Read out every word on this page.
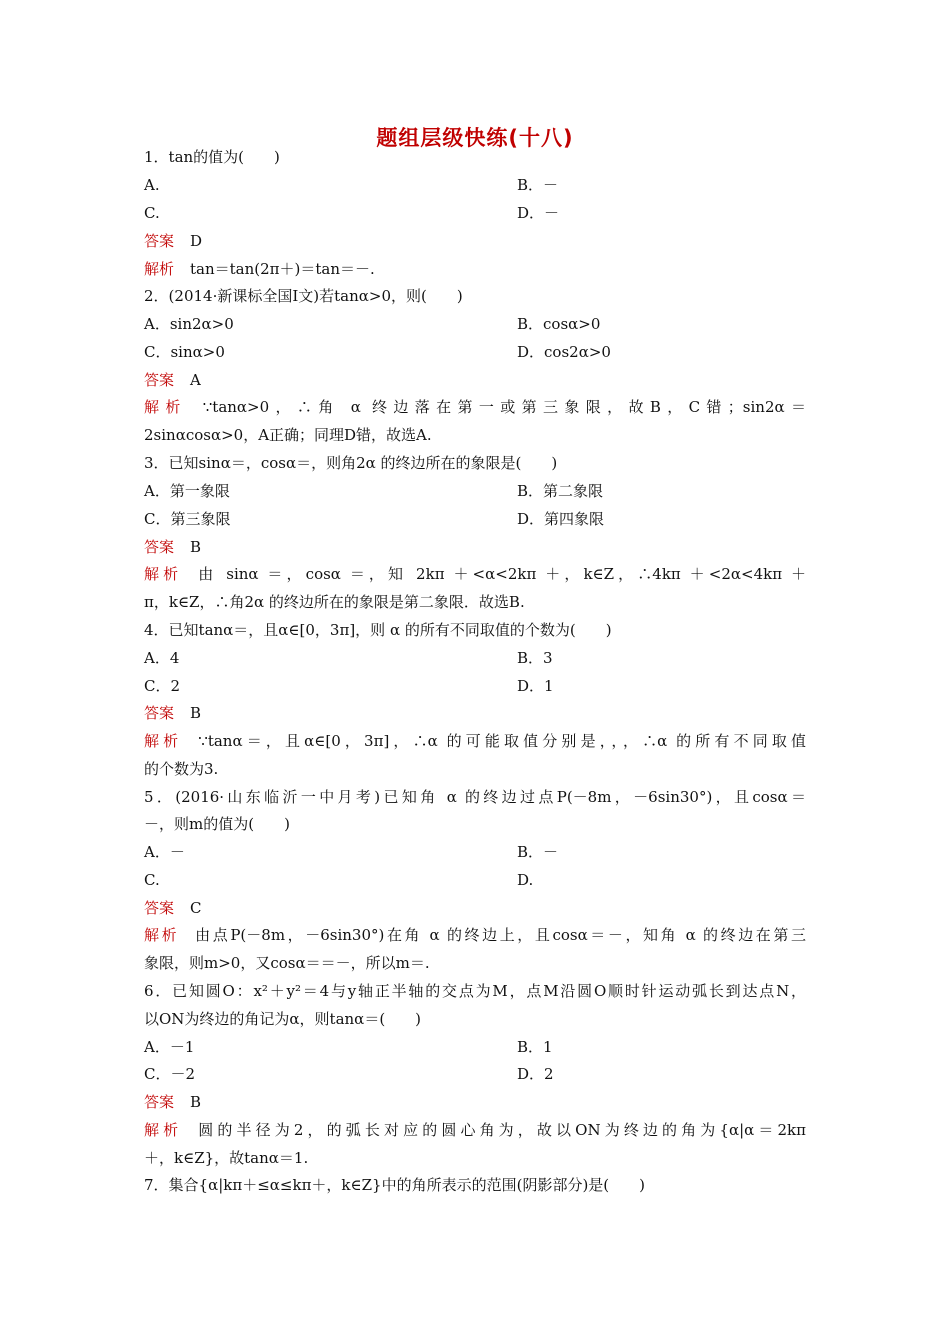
题组层级快练(十八)
1．tan的值为(　　)
A.	B．－
C.	D．－
答案 D
解析 tan＝tan(2π＋)＝tan＝－.
2．(2014·新课标全国Ⅰ文)若tanα>0，则(　　)
A．sin2α>0	B．cosα>0
C．sinα>0	D．cos2α>0
答案 A
解析 ∵tanα>0，∴角 α 终边落在第一或第三象限，故B，C错；sin2α＝
2sinαcosα>0，A正确；同理D错，故选A.
3．已知sinα＝，cosα＝，则角2α 的终边所在的象限是(　　)
A．第一象限	B．第二象限
C．第三象限	D．第四象限
答案 B
解析 由 sinα ＝，cosα ＝，知 2kπ ＋<α<2kπ ＋，k∈Z，∴4kπ ＋<2α<4kπ ＋
π，k∈Z，∴角2α 的终边所在的象限是第二象限．故选B.
4．已知tanα＝，且α∈[0，3π]，则 α 的所有不同取值的个数为(　　)
A．4	B．3
C．2	D．1
答案 B
解析 ∵tanα＝，且α∈[0，3π]，∴α 的可能取值分别是，，，∴α 的所有不同取值
的个数为3.
5．(2016·山东临沂一中月考)已知角 α 的终边过点P(－8m，－6sin30°)，且cosα＝
－，则m的值为(　　)
A．－	B．－
C.	D.
答案 C
解析 由点P(－8m，－6sin30°)在角 α 的终边上，且cosα＝－，知角 α 的终边在第三
象限，则m>0，又cosα＝＝－，所以m＝.
6．已知圆O：x²＋y²＝4与y轴正半轴的交点为M，点M沿圆O顺时针运动弧长到达点N，
以ON为终边的角记为α，则tanα＝(　　)
A．－1	B．1
C．－2	D．2
答案 B
解析 圆的半径为2，的弧长对应的圆心角为，故以ON为终边的角为{α|α＝2kπ
＋，k∈Z}，故tanα＝1.
7．集合{α|kπ＋≤α≤kπ＋，k∈Z}中的角所表示的范围(阴影部分)是(　　)
